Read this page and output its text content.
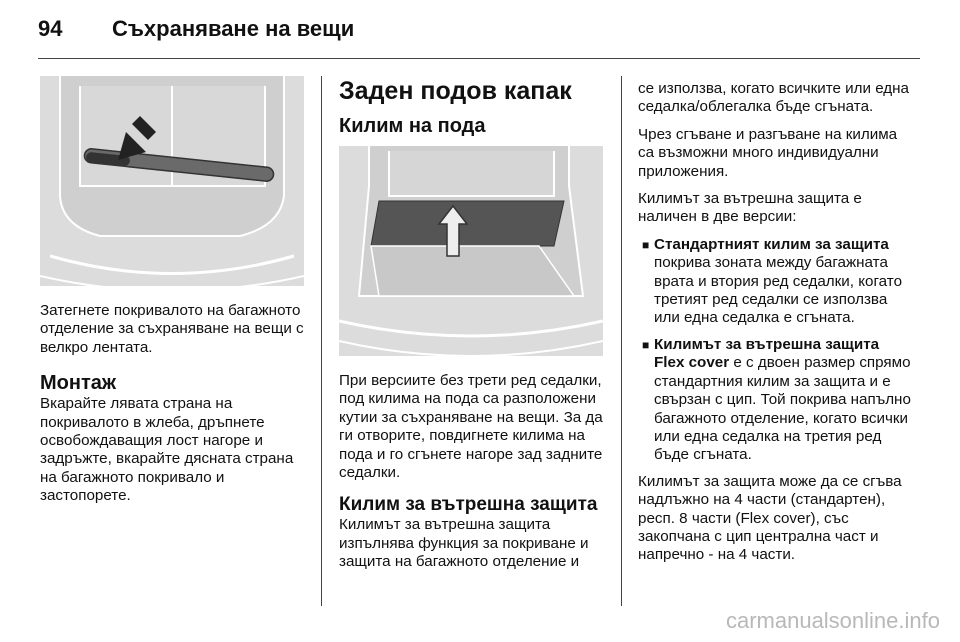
94 Съхраняване на вещи

Затегнете покривалото на багажното отделение за съхраняване на вещи с велкро лентата.

Монтаж

Вкарайте лявата страна на покривалото в жлеба, дръпнете освобождаващия лост нагоре и задръжте, вкарайте дясната страна на багажното покривало и застопорете.

Заден подов капак
Килим на пода

При версиите без трети ред седалки, под килима на пода са разположени кутии за съхраняване на вещи. За да ги отворите, повдигнете килима на пода и го сгънете нагоре зад задните седалки.

Килим за вътрешна защита

Килимът за вътрешна защита изпълнява функция за покриване и защита на багажното отделение и

се използва, когато всичките или една седалка/облегалка бъде сгъната.

Чрез сгъване и разгъване на килима са възможни много индивидуални приложения.

Килимът за вътрешна защита е наличен в две версии:

■ Стандартният килим за защита покрива зоната между багажната врата и втория ред седалки, когато третият ред седалки се използва или една седалка е сгъната.
■ Килимът за вътрешна защита Flex cover е с двоен размер спрямо стандартния килим за защита и е свързан с цип. Той покрива напълно багажното отделение, когато всички или една седалка на третия ред бъде сгъната.

Килимът за защита може да се сгъва надлъжно на 4 части (стандартен), респ. 8 части (Flex cover), със закопчана с цип централна част и напречно - на 4 части.

carmanualsonline.info
